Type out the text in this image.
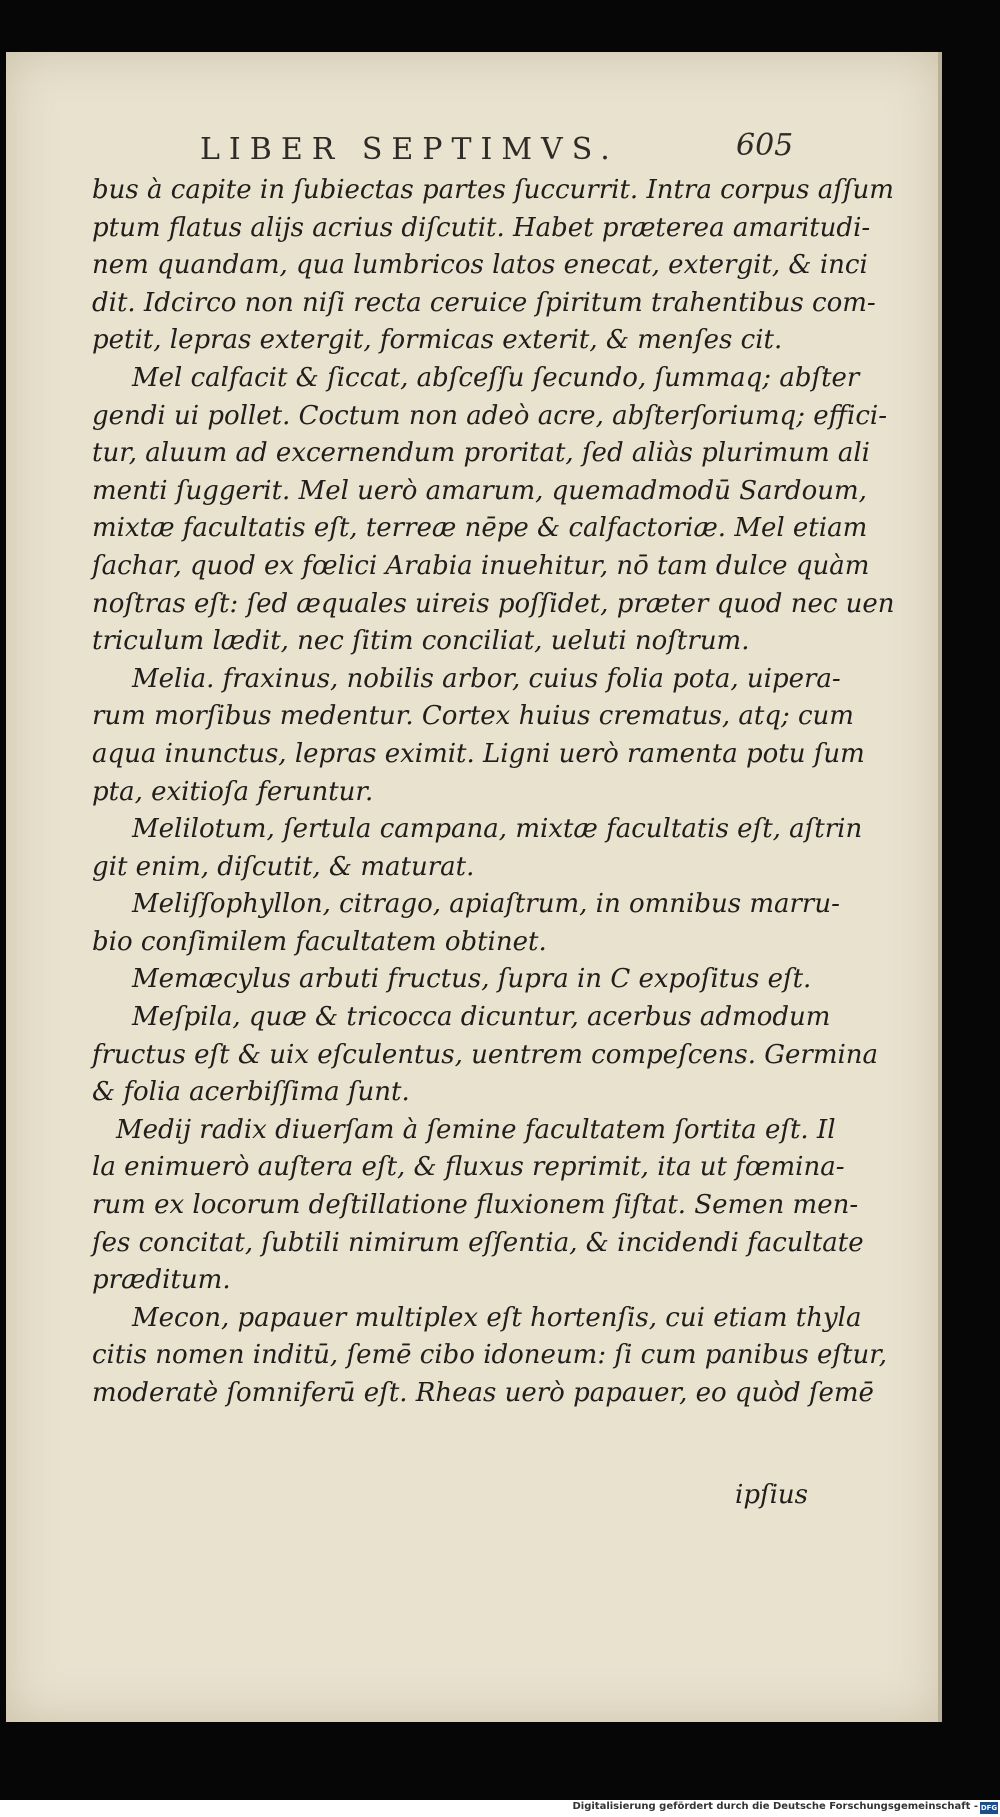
LIBER SEPTIMVS.	605
bus à capite in ſubiectas partes ſuccurrit. Intra corpus aſſum
ptum flatus alijs acrius diſcutit. Habet præterea amaritudi-
nem quandam, qua lumbricos latos enecat, extergit, & inci
dit. Idcirco non niſi recta ceruice ſpiritum trahentibus com-
petit, lepras extergit, formicas exterit, & menſes cit.
Mel calfacit & ſiccat, abſceſſu ſecundo, ſummaq; abſter
gendi ui pollet. Coctum non adeò acre, abſterſoriumq; effici-
tur, aluum ad excernendum proritat, ſed aliàs plurimum ali
menti ſuggerit. Mel uerò amarum, quemadmodū Sardoum,
mixtæ facultatis eſt, terreæ nēpe & calfactoriæ. Mel etiam
ſachar, quod ex fœlici Arabia inuehitur, nō tam dulce quàm
noſtras eſt: ſed æquales uireis poſſidet, præter quod nec uen
triculum lædit, nec ſitim conciliat, ueluti noſtrum.
Melia. fraxinus, nobilis arbor, cuius folia pota, uipera-
rum morſibus medentur. Cortex huius crematus, atq; cum
aqua inunctus, lepras eximit. Ligni uerò ramenta potu ſum
pta, exitioſa feruntur.
Melilotum, ſertula campana, mixtæ facultatis eſt, aſtrin
git enim, diſcutit, & maturat.
Meliſſophyllon, citrago, apiaſtrum, in omnibus marru-
bio conſimilem facultatem obtinet.
Memæcylus arbuti fructus, ſupra in C expoſitus eſt.
Meſpila, quæ & tricocca dicuntur, acerbus admodum
fructus eſt & uix eſculentus, uentrem compeſcens. Germina
& folia acerbiſſima ſunt.
Medij radix diuerſam à ſemine facultatem ſortita eſt. Il
la enimuerò auſtera eſt, & fluxus reprimit, ita ut fœmina-
rum ex locorum deſtillatione fluxionem ſiſtat. Semen men-
ſes concitat, ſubtili nimirum eſſentia, & incidendi facultate
præditum.
Mecon, papauer multiplex eſt hortenſis, cui etiam thyla
citis nomen inditū, ſemē cibo idoneum: ſi cum panibus eſtur,
moderatè ſomniferū eſt. Rheas uerò papauer, eo quòd ſemē
ipſius
Digitalisierung gefördert durch die Deutsche Forschungsgemeinschaft - DFG
